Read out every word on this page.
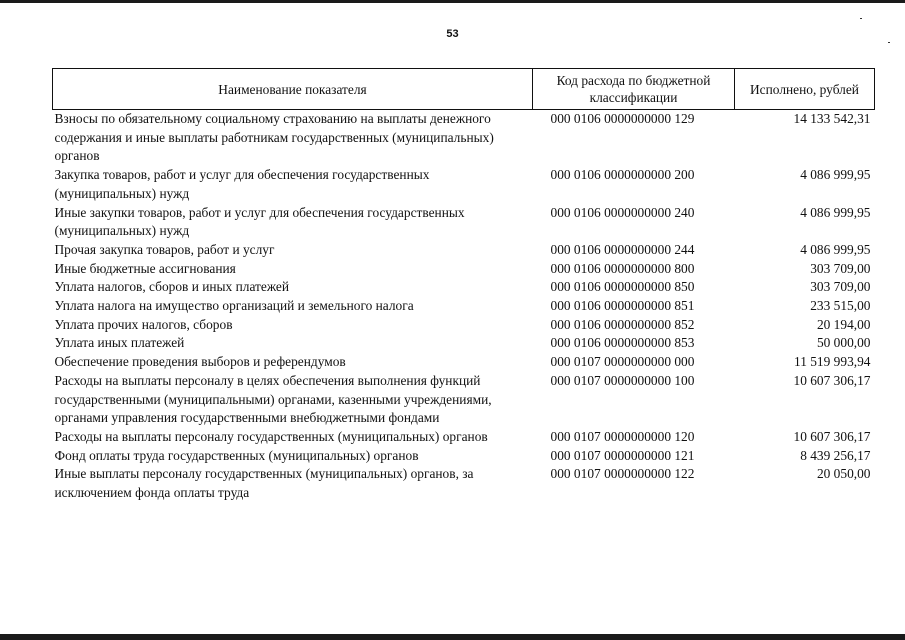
53
Наименование показателя	Код расхода по бюджетной классификации	Исполнено, рублей
Взносы по обязательному социальному страхованию на выплаты денежного содержания и иные выплаты работникам государственных (муниципальных) органов	000 0106 0000000000 129	14 133 542,31
Закупка товаров, работ и услуг для обеспечения государственных (муниципальных) нужд	000 0106 0000000000 200	4 086 999,95
Иные закупки товаров, работ и услуг для обеспечения государственных (муниципальных) нужд	000 0106 0000000000 240	4 086 999,95
Прочая закупка товаров, работ и услуг	000 0106 0000000000 244	4 086 999,95
Иные бюджетные ассигнования	000 0106 0000000000 800	303 709,00
Уплата налогов, сборов и иных платежей	000 0106 0000000000 850	303 709,00
Уплата налога на имущество организаций и земельного налога	000 0106 0000000000 851	233 515,00
Уплата прочих налогов, сборов	000 0106 0000000000 852	20 194,00
Уплата иных платежей	000 0106 0000000000 853	50 000,00
Обеспечение проведения выборов и референдумов	000 0107 0000000000 000	11 519 993,94
Расходы на выплаты персоналу в целях обеспечения выполнения функций государственными (муниципальными) органами, казенными учреждениями, органами управления государственными внебюджетными фондами	000 0107 0000000000 100	10 607 306,17
Расходы на выплаты персоналу государственных (муниципальных) органов	000 0107 0000000000 120	10 607 306,17
Фонд оплаты труда государственных (муниципальных) органов	000 0107 0000000000 121	8 439 256,17
Иные выплаты персоналу государственных (муниципальных) органов, за исключением фонда оплаты труда	000 0107 0000000000 122	20 050,00
